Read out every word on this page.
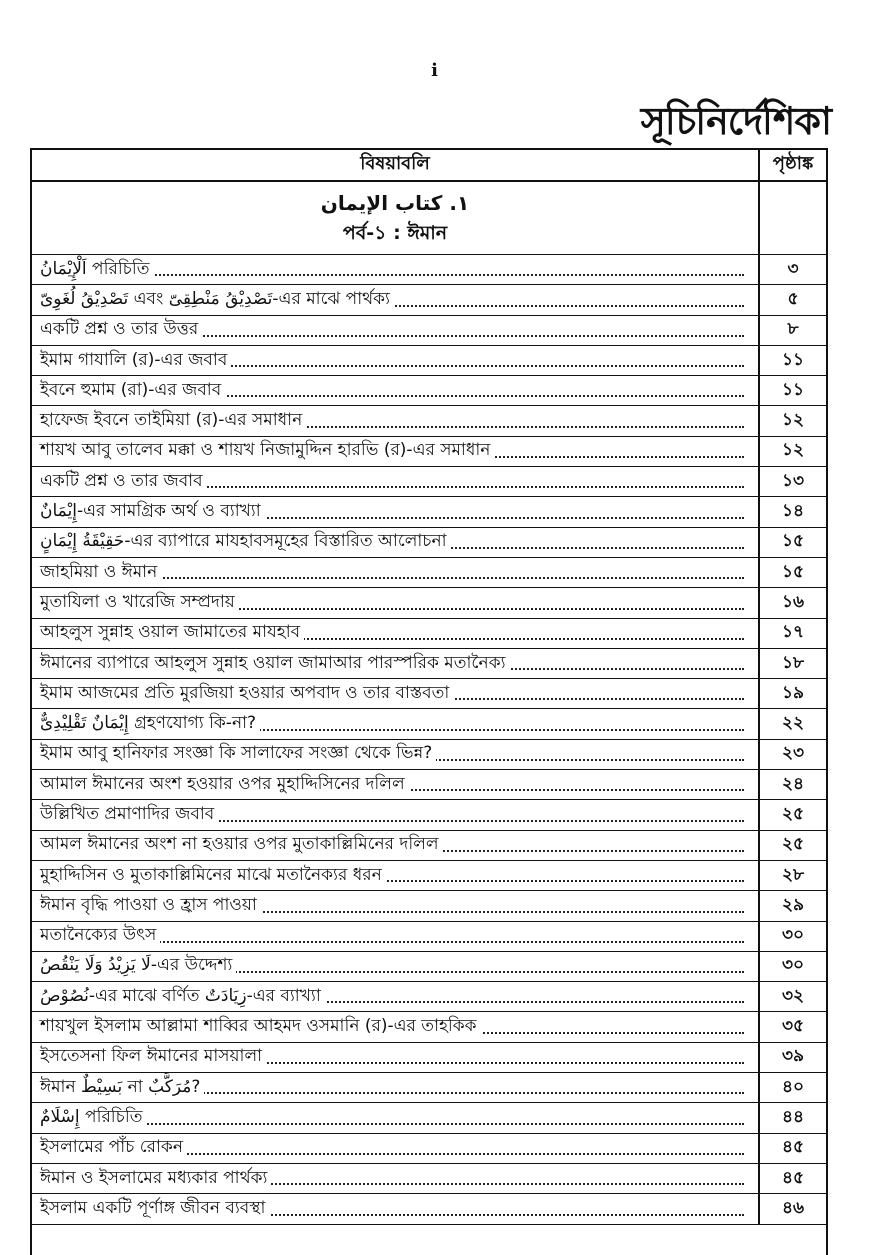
i
সূচিনির্দেশিকা
বিষয়াবলি	পৃষ্ঠাঙ্ক
١. كتاب الإيمان
পর্ব-১ : ঈমান
اَلْإِيْمَانُ পরিচিতি	৩
تَصْدِيْقُ لُغَوِىّ এবং تَصْدِيْقُ مَنْطِقِىّ-এর মাঝে পার্থক্য	৫
একটি প্রশ্ন ও তার উত্তর	৮
ইমাম গাযালি (র)-এর জবাব	১১
ইবনে হুমাম (রা)-এর জবাব	১১
হাফেজ ইবনে তাইমিয়া (র)-এর সমাধান	১২
শায়খ আবু তালেব মক্কা ও শায়খ নিজামুদ্দিন হারভি (র)-এর সমাধান	১২
একটি প্রশ্ন ও তার জবাব	১৩
إِيْمَانٌ-এর সামগ্রিক অর্থ ও ব্যাখ্যা	১৪
حَقِيْقَةُ إِيْمَانٍ-এর ব্যাপারে মাযহাবসমূহের বিস্তারিত আলোচনা	১৫
জাহমিয়া ও ঈমান	১৫
মুতাযিলা ও খারেজি সম্প্রদায়	১৬
আহলুস সুন্নাহ ওয়াল জামাতের মাযহাব	১৭
ঈমানের ব্যাপারে আহলুস সুন্নাহ ওয়াল জামাআর পারস্পরিক মতানৈক্য	১৮
ইমাম আজমের প্রতি মুরজিয়া হওয়ার অপবাদ ও তার বাস্তবতা	১৯
إِيْمَانٌ تَقْلِيْدِىٌّ গ্রহণযোগ্য কি-না?	২২
ইমাম আবু হানিফার সংজ্ঞা কি সালাফের সংজ্ঞা থেকে ভিন্ন?	২৩
আমাল ঈমানের অংশ হওয়ার ওপর মুহাদ্দিসিনের দলিল	২৪
উল্লিখিত প্রমাণাদির জবাব	২৫
আমল ঈমানের অংশ না হওয়ার ওপর মুতাকাল্লিমিনের দলিল	২৫
মুহাদ্দিসিন ও মুতাকাল্লিমিনের মাঝে মতানৈক্যর ধরন	২৮
ঈমান বৃদ্ধি পাওয়া ও হ্রাস পাওয়া	২৯
মতানৈক্যের উৎস	৩০
لَا يَزِيْدُ وَلَا يَنْقُصُ-এর উদ্দেশ্য	৩০
نُصُوْصُ-এর মাঝে বর্ণিত زِيَادَتٌ-এর ব্যাখ্যা	৩২
শায়খুল ইসলাম আল্লামা শাব্বির আহমদ ওসমানি (র)-এর তাহকিক	৩৫
ইসতেসনা ফিল ঈমানের মাসয়ালা	৩৯
ঈমান بَسِيْطٌ না مُرَكَّبٌ?	৪০
إِسْلَامٌ পরিচিতি	৪৪
ইসলামের পাঁচ রোকন	৪৫
ঈমান ও ইসলামের মধ্যকার পার্থক্য	৪৫
ইসলাম একটি পূর্ণাঙ্গ জীবন ব্যবস্থা	৪৬
